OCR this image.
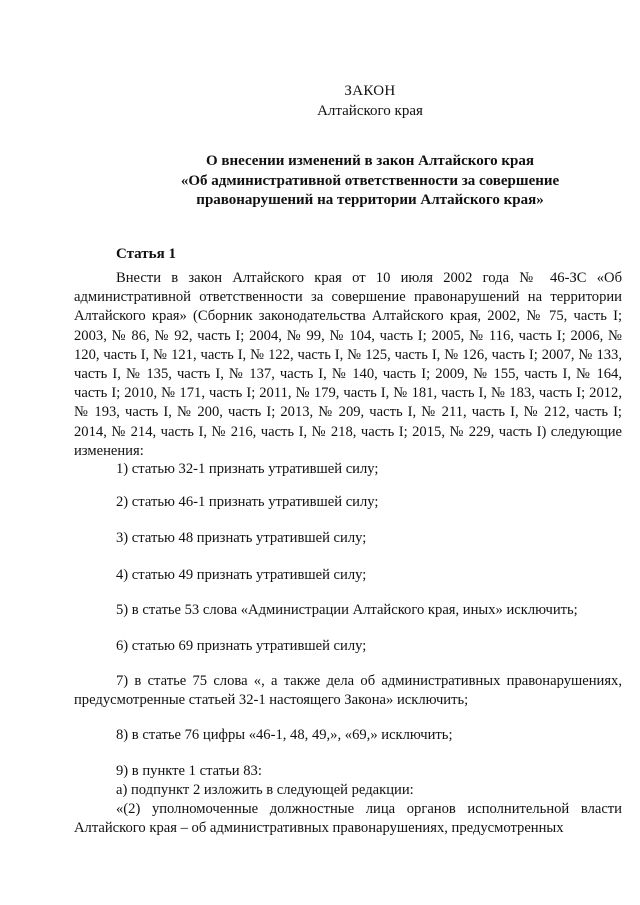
ЗАКОН
Алтайского края
О внесении изменений в закон Алтайского края
«Об административной ответственности за совершение
правонарушений на территории Алтайского края»
Статья 1
Внести в закон Алтайского края от 10 июля 2002 года № 46-ЗС «Об административной ответственности за совершение правонарушений на территории Алтайского края» (Сборник законодательства Алтайского края, 2002, № 75, часть I; 2003, № 86, № 92, часть I; 2004, № 99, № 104, часть I; 2005, № 116, часть I; 2006, № 120, часть I, № 121, часть I, № 122, часть I, № 125, часть I, № 126, часть I; 2007, № 133, часть I, № 135, часть I, № 137, часть I, № 140, часть I; 2009, № 155, часть I, № 164, часть I; 2010, № 171, часть I; 2011, № 179, часть I, № 181, часть I, № 183, часть I; 2012, № 193, часть I, № 200, часть I; 2013, № 209, часть I, № 211, часть I, № 212, часть I; 2014, № 214, часть I, № 216, часть I, № 218, часть I; 2015, № 229, часть I) следующие изменения:
1) статью 32-1 признать утратившей силу;
2) статью 46-1 признать утратившей силу;
3) статью 48 признать утратившей силу;
4) статью 49 признать утратившей силу;
5) в статье 53 слова «Администрации Алтайского края, иных» исключить;
6) статью 69 признать утратившей силу;
7) в статье 75 слова «, а также дела об административных правонарушениях, предусмотренные статьей 32-1 настоящего Закона» исключить;
8) в статье 76 цифры «46-1, 48, 49,», «69,» исключить;
9) в пункте 1 статьи 83:
а) подпункт 2 изложить в следующей редакции:
«(2) уполномоченные должностные лица органов исполнительной власти Алтайского края – об административных правонарушениях, предусмотренных
